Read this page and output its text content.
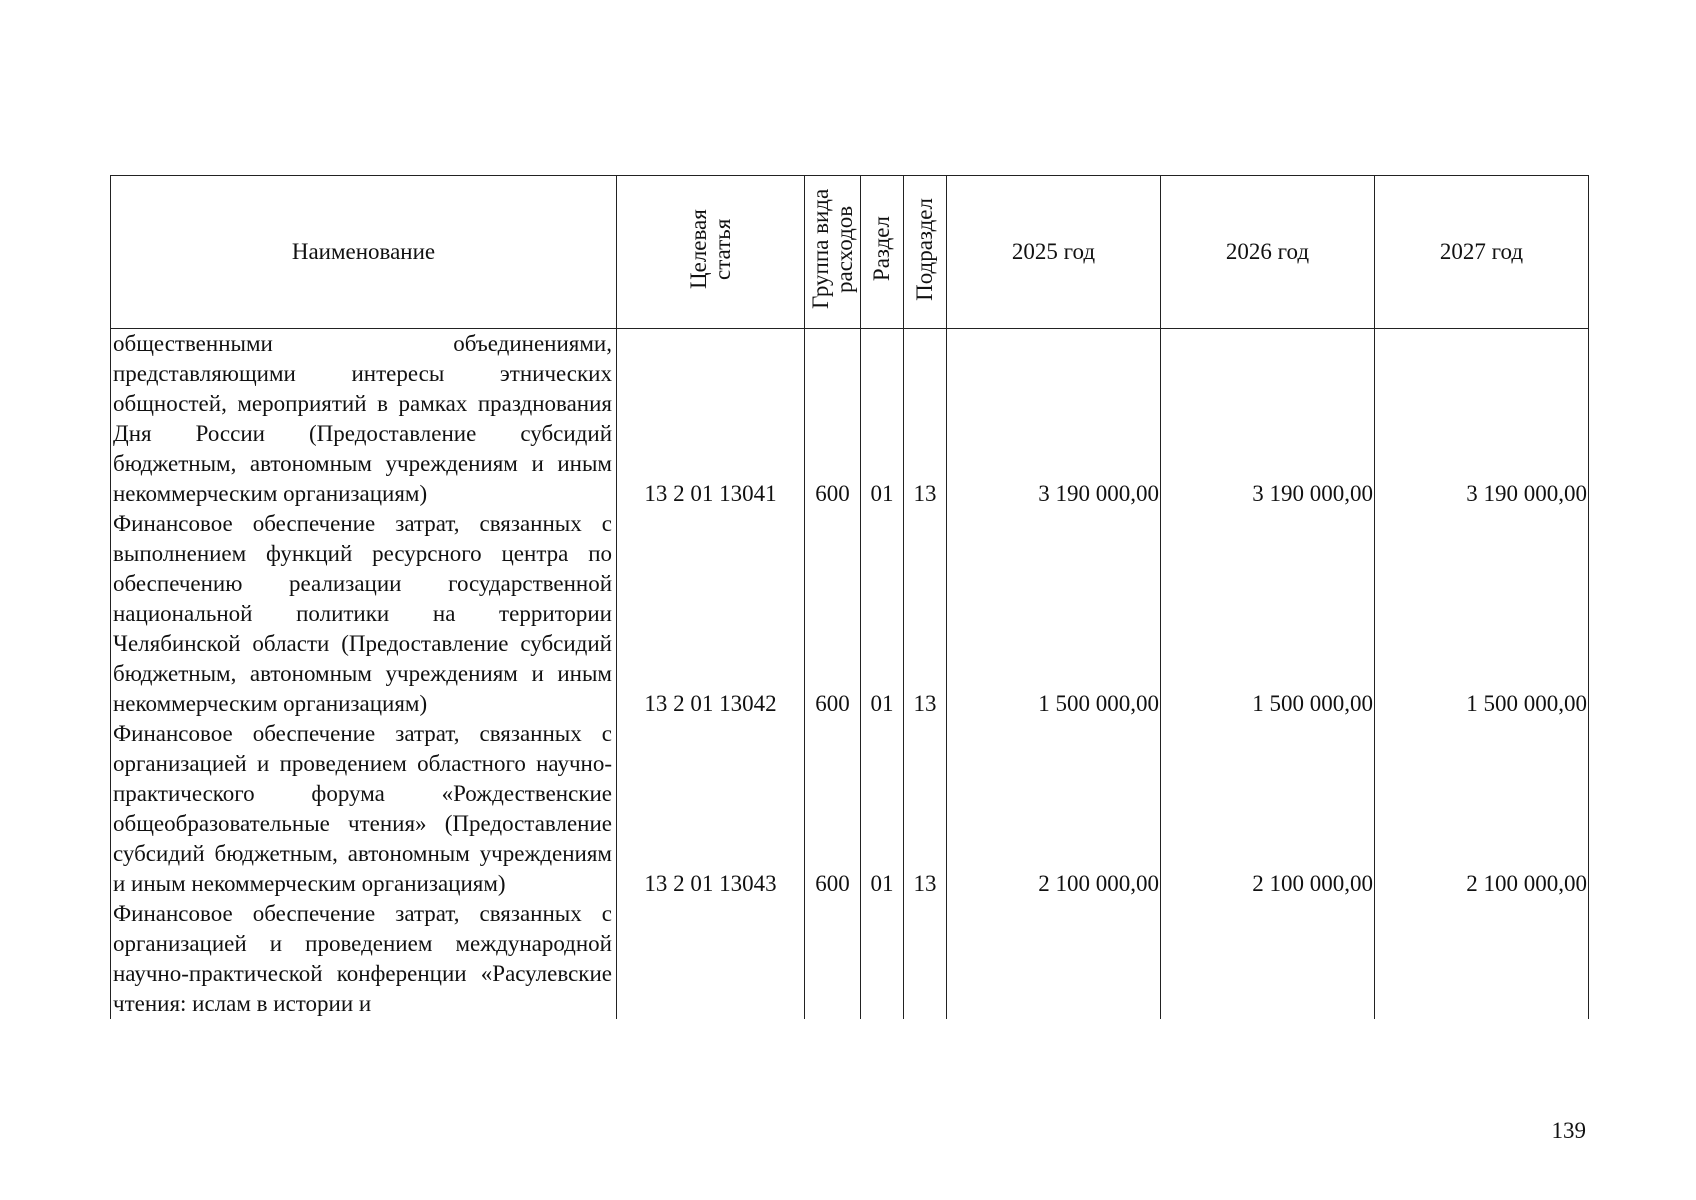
Наименование	Целевая статья	Группа вида расходов	Раздел	Подраздел	2025 год	2026 год	2027 год
общественными объединениями, представляющими интересы этнических общностей, мероприятий в рамках празднования Дня России (Предоставление субсидий бюджетным, автономным учреждениям и иным некоммерческим организациям)	13 2 01 13041	600	01	13	3 190 000,00	3 190 000,00	3 190 000,00
Финансовое обеспечение затрат, связанных с выполнением функций ресурсного центра по обеспечению реализации государственной национальной политики на территории Челябинской области (Предоставление субсидий бюджетным, автономным учреждениям и иным некоммерческим организациям)	13 2 01 13042	600	01	13	1 500 000,00	1 500 000,00	1 500 000,00
Финансовое обеспечение затрат, связанных с организацией и проведением областного научно-практического форума «Рождественские общеобразовательные чтения» (Предоставление субсидий бюджетным, автономным учреждениям и иным некоммерческим организациям)	13 2 01 13043	600	01	13	2 100 000,00	2 100 000,00	2 100 000,00
Финансовое обеспечение затрат, связанных с организацией и проведением международной научно-практической конференции «Расулевские чтения: ислам в истории и							
139
